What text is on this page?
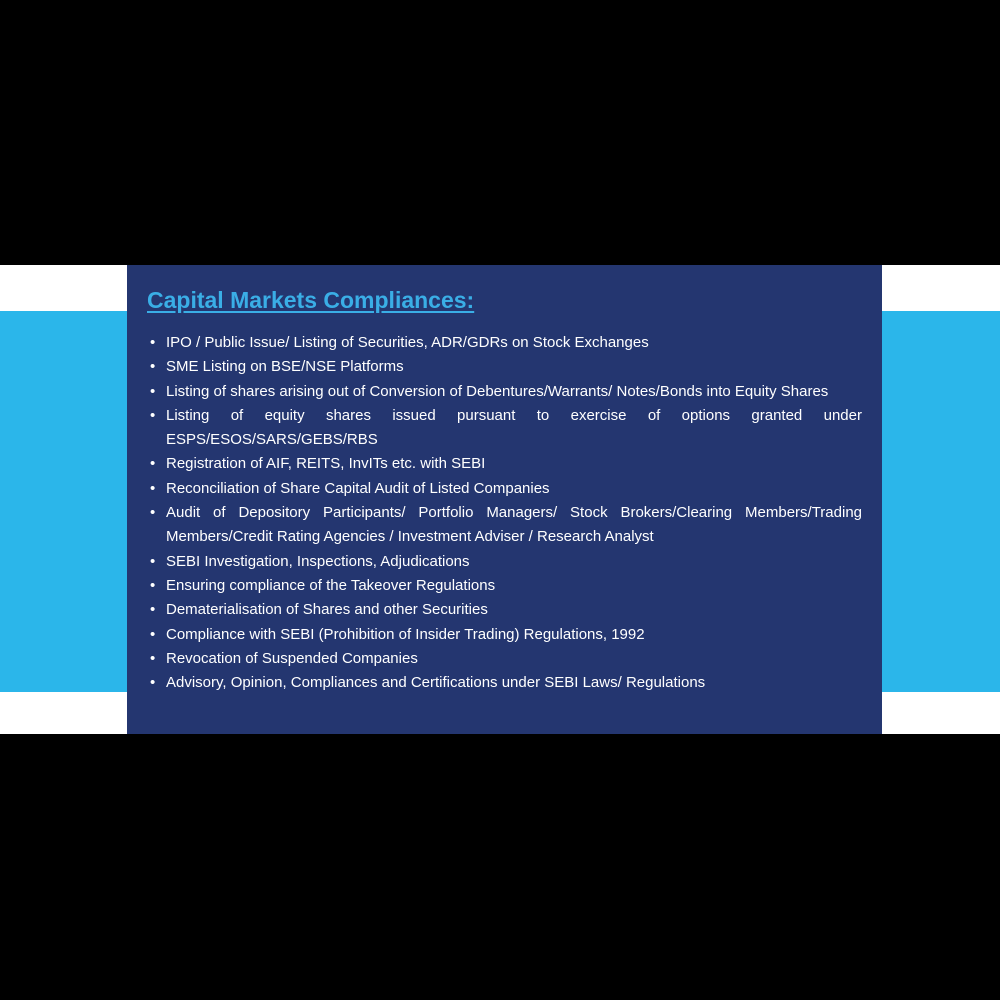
Capital Markets Compliances:
• IPO / Public Issue/ Listing of Securities, ADR/GDRs on Stock Exchanges
• SME Listing on BSE/NSE Platforms
• Listing of shares arising out of Conversion of Debentures/Warrants/ Notes/Bonds into Equity Shares
• Listing of equity shares issued pursuant to exercise of options granted under ESPS/ESOS/SARS/GEBS/RBS
• Registration of AIF, REITS, InvITs etc. with SEBI
• Reconciliation of Share Capital Audit of Listed Companies
• Audit of Depository Participants/ Portfolio Managers/ Stock Brokers/Clearing Members/Trading Members/Credit Rating Agencies / Investment Adviser / Research Analyst
• SEBI Investigation, Inspections, Adjudications
• Ensuring compliance of the Takeover Regulations
• Dematerialisation of Shares and other Securities
• Compliance with SEBI (Prohibition of Insider Trading) Regulations, 1992
• Revocation of Suspended Companies
• Advisory, Opinion, Compliances and Certifications under SEBI Laws/ Regulations
